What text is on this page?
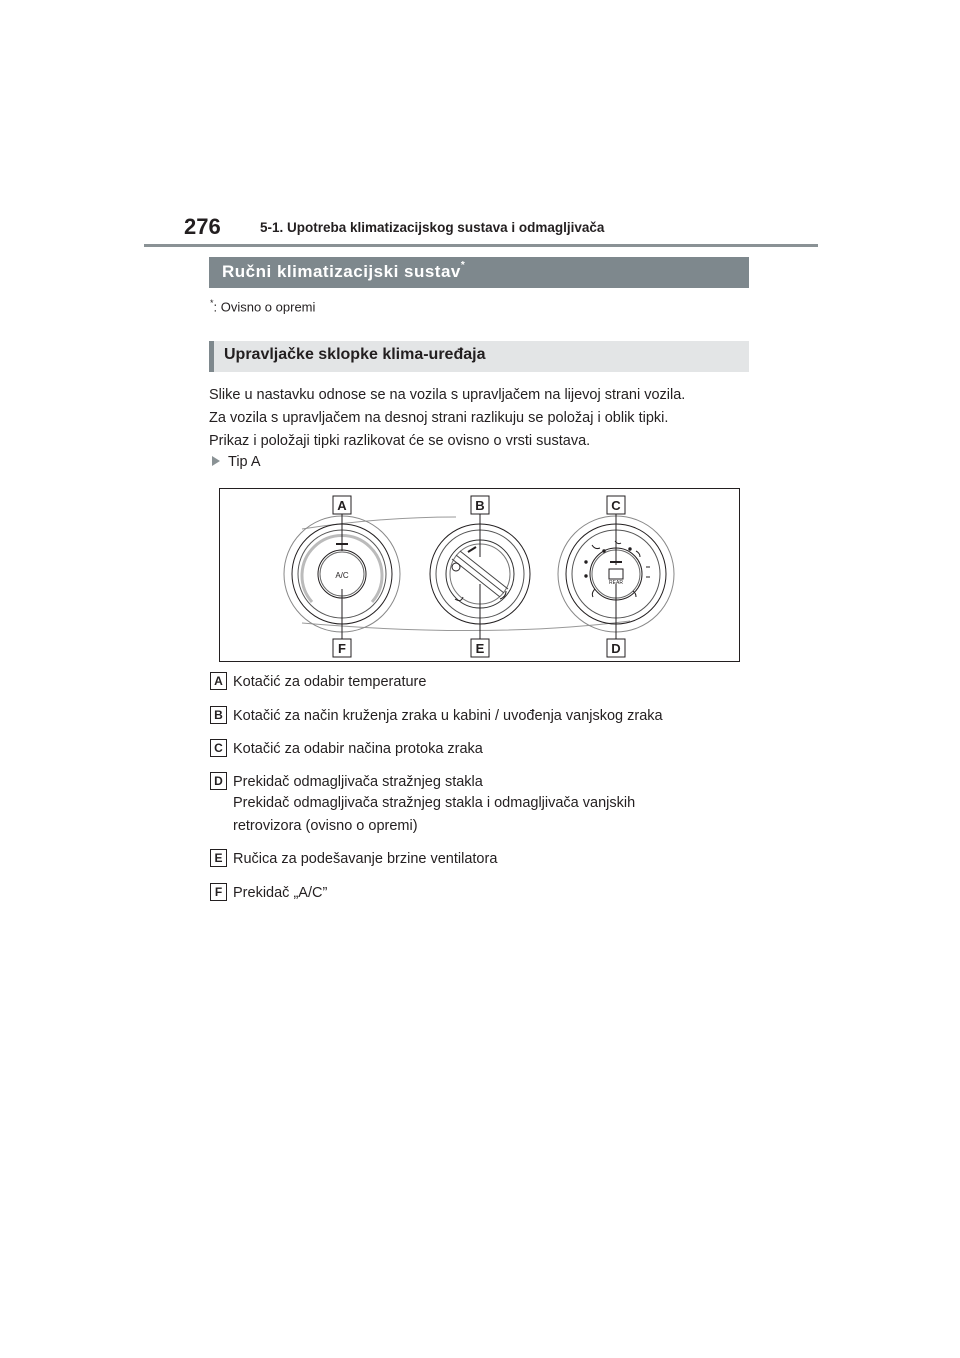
276	5-1. Upotreba klimatizacijskog sustava i odmagljivača
Ručni klimatizacijski sustav*
*: Ovisno o opremi
Upravljačke sklopke klima-uređaja
Slike u nastavku odnose se na vozila s upravljačem na lijevoj strani vozila.
Za vozila s upravljačem na desnoj strani razlikuju se položaj i oblik tipki.
Prikaz i položaji tipki razlikovat će se ovisno o vrsti sustava.
Tip A
A/C
REAR
A	B	C
F	E	D
A Kotačić za odabir temperature
B Kotačić za način kruženja zraka u kabini / uvođenja vanjskog zraka
C Kotačić za odabir načina protoka zraka
D Prekidač odmagljivača stražnjeg stakla
Prekidač odmagljivača stražnjeg stakla i odmagljivača vanjskih
retrovizora (ovisno o opremi)
E Ručica za podešavanje brzine ventilatora
F Prekidač „A/C”
